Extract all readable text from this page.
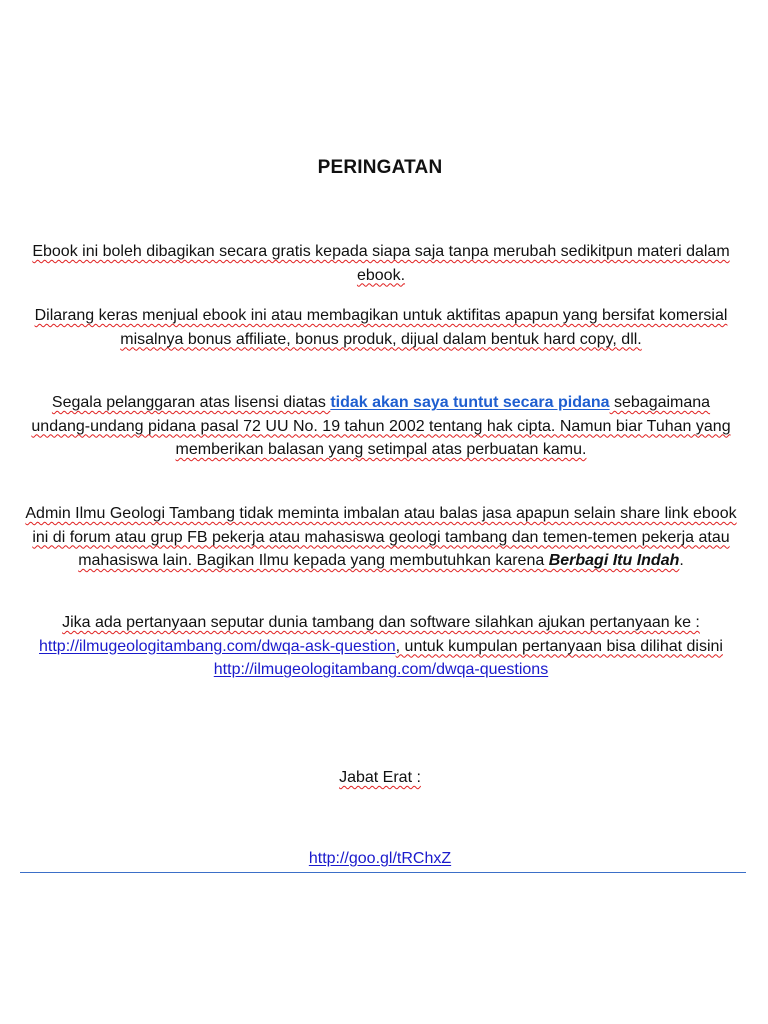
PERINGATAN

Ebook ini boleh dibagikan secara gratis kepada siapa saja tanpa merubah sedikitpun materi dalam ebook.

Dilarang keras menjual ebook ini atau membagikan untuk aktifitas apapun yang bersifat komersial misalnya bonus affiliate, bonus produk, dijual dalam bentuk hard copy, dll.

Segala pelanggaran atas lisensi diatas tidak akan saya tuntut secara pidana sebagaimana undang-undang pidana pasal 72 UU No. 19 tahun 2002 tentang hak cipta. Namun biar Tuhan yang memberikan balasan yang setimpal atas perbuatan kamu.

Admin Ilmu Geologi Tambang tidak meminta imbalan atau balas jasa apapun selain share link ebook ini di forum atau grup FB pekerja atau mahasiswa geologi tambang dan temen-temen pekerja atau mahasiswa lain. Bagikan Ilmu kepada yang membutuhkan karena Berbagi Itu Indah.

Jika ada pertanyaan seputar dunia tambang dan software silahkan ajukan pertanyaan ke : http://ilmugeologitambang.com/dwqa-ask-question, untuk kumpulan pertanyaan bisa dilihat disini http://ilmugeologitambang.com/dwqa-questions

Jabat Erat :

http://goo.gl/tRChxZ
